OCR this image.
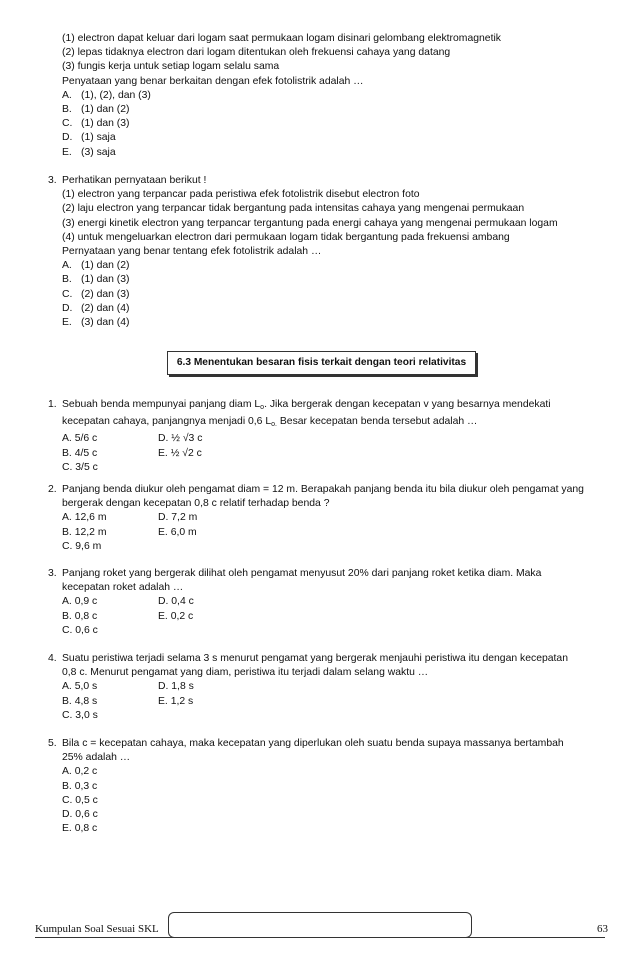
(1) electron dapat keluar dari logam saat permukaan logam disinari gelombang elektromagnetik
(2) lepas tidaknya electron dari logam ditentukan oleh frekuensi cahaya yang datang
(3) fungis kerja untuk setiap logam selalu sama
Penyataan yang benar berkaitan dengan efek fotolistrik adalah …
A. (1), (2), dan (3)
B. (1) dan (2)
C. (1) dan (3)
D. (1) saja
E. (3) saja
3. Perhatikan pernyataan berikut !
(1) electron yang terpancar pada peristiwa efek fotolistrik disebut electron foto
(2) laju electron yang terpancar tidak bergantung pada intensitas cahaya yang mengenai permukaan
(3) energi kinetik electron yang terpancar tergantung pada energi cahaya yang mengenai permukaan logam
(4) untuk mengeluarkan electron dari permukaan logam tidak bergantung pada frekuensi ambang
Pernyataan yang benar tentang efek fotolistrik adalah …
A. (1) dan (2)
B. (1) dan (3)
C. (2) dan (3)
D. (2) dan (4)
E. (3) dan (4)
6.3 Menentukan besaran fisis terkait dengan teori relativitas
1. Sebuah benda mempunyai panjang diam $L_o$. Jika bergerak dengan kecepatan v yang besarnya mendekati
kecepatan cahaya, panjangnya menjadi 0,6 $L_{o.}$ Besar kecepatan benda tersebut adalah …
A. 5/6 c	D. ½ √3 c
B. 4/5 c	E. ½ √2 c
C. 3/5 c
2. Panjang benda diukur oleh pengamat diam = 12 m. Berapakah panjang benda itu bila diukur oleh pengamat yang
bergerak dengan kecepatan 0,8 c relatif terhadap benda ?
A. 12,6 m	D. 7,2 m
B. 12,2 m	E. 6,0 m
C. 9,6 m
3. Panjang roket yang bergerak dilihat oleh pengamat menyusut 20% dari panjang roket ketika diam. Maka
kecepatan roket adalah …
A. 0,9 c	D. 0,4 c
B. 0,8 c	E. 0,2 c
C. 0,6 c
4. Suatu peristiwa terjadi selama 3 s menurut pengamat yang bergerak menjauhi peristiwa itu dengan kecepatan
0,8 c. Menurut pengamat yang diam, peristiwa itu terjadi dalam selang waktu …
A. 5,0 s	D. 1,8 s
B. 4,8 s	E. 1,2 s
C. 3,0 s
5. Bila c = kecepatan cahaya, maka kecepatan yang diperlukan oleh suatu benda supaya massanya bertambah
25% adalah …
A. 0,2 c
B. 0,3 c
C. 0,5 c
D. 0,6 c
E. 0,8 c
Kumpulan Soal Sesuai SKL	63
